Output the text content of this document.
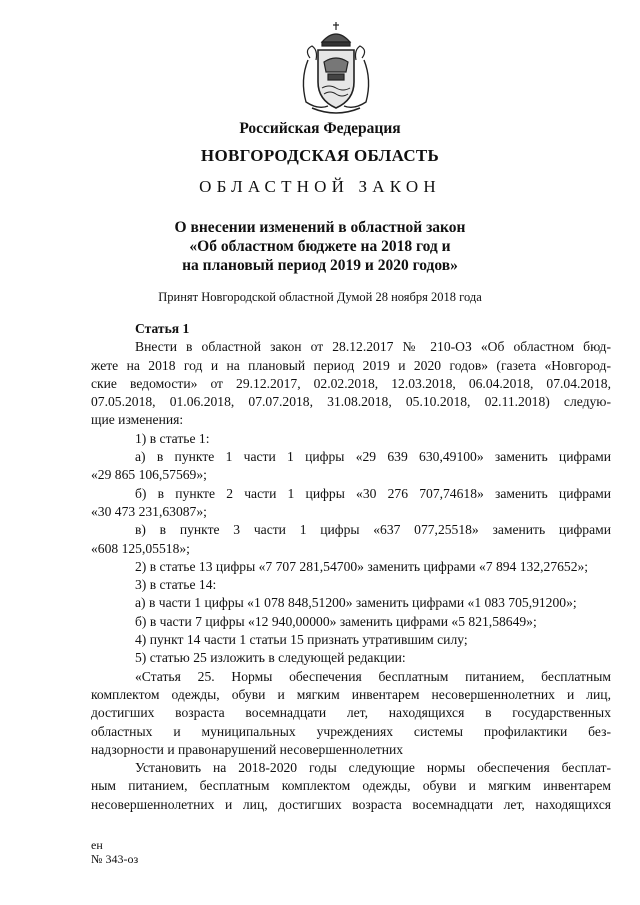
Российская Федерация
НОВГОРОДСКАЯ ОБЛАСТЬ
ОБЛАСТНОЙ ЗАКОН
О внесении изменений в областной закон
«Об областном бюджете на 2018 год и
на плановый период 2019 и 2020 годов»
Принят Новгородской областной Думой 28 ноября 2018 года

Статья 1

Внести в областной закон от 28.12.2017 № 210-ОЗ «Об областном бюд-

жете на 2018 год и на плановый период 2019 и 2020 годов» (газета «Новгород-

ские ведомости» от 29.12.2017, 02.02.2018, 12.03.2018, 06.04.2018, 07.04.2018,

07.05.2018, 01.06.2018, 07.07.2018, 31.08.2018, 05.10.2018, 02.11.2018) следую-

щие изменения:

1) в статье 1:

а) в пункте 1 части 1 цифры «29 639 630,49100» заменить цифрами

«29 865 106,57569»;

б) в пункте 2 части 1 цифры «30 276 707,74618» заменить цифрами

«30 473 231,63087»;

в) в пункте 3 части 1 цифры «637 077,25518» заменить цифрами

«608 125,05518»;

2) в статье 13 цифры «7 707 281,54700» заменить цифрами «7 894 132,27652»;

3) в статье 14:

а) в части 1 цифры «1 078 848,51200» заменить цифрами «1 083 705,91200»;

б) в части 7 цифры «12 940,00000» заменить цифрами «5 821,58649»;

4) пункт 14 части 1 статьи 15 признать утратившим силу;

5) статью 25 изложить в следующей редакции:

«Статья 25. Нормы обеспечения бесплатным питанием, бесплатным

комплектом одежды, обуви и мягким инвентарем несовершеннолетних и лиц,

достигших возраста восемнадцати лет, находящихся в государственных

областных и муниципальных учреждениях системы профилактики без-

надзорности и правонарушений несовершеннолетних

Установить на 2018-2020 годы следующие нормы обеспечения бесплат-

ным питанием, бесплатным комплектом одежды, обуви и мягким инвентарем

несовершеннолетних и лиц, достигших возраста восемнадцати лет, находящихся

ен
№ 343-оз
